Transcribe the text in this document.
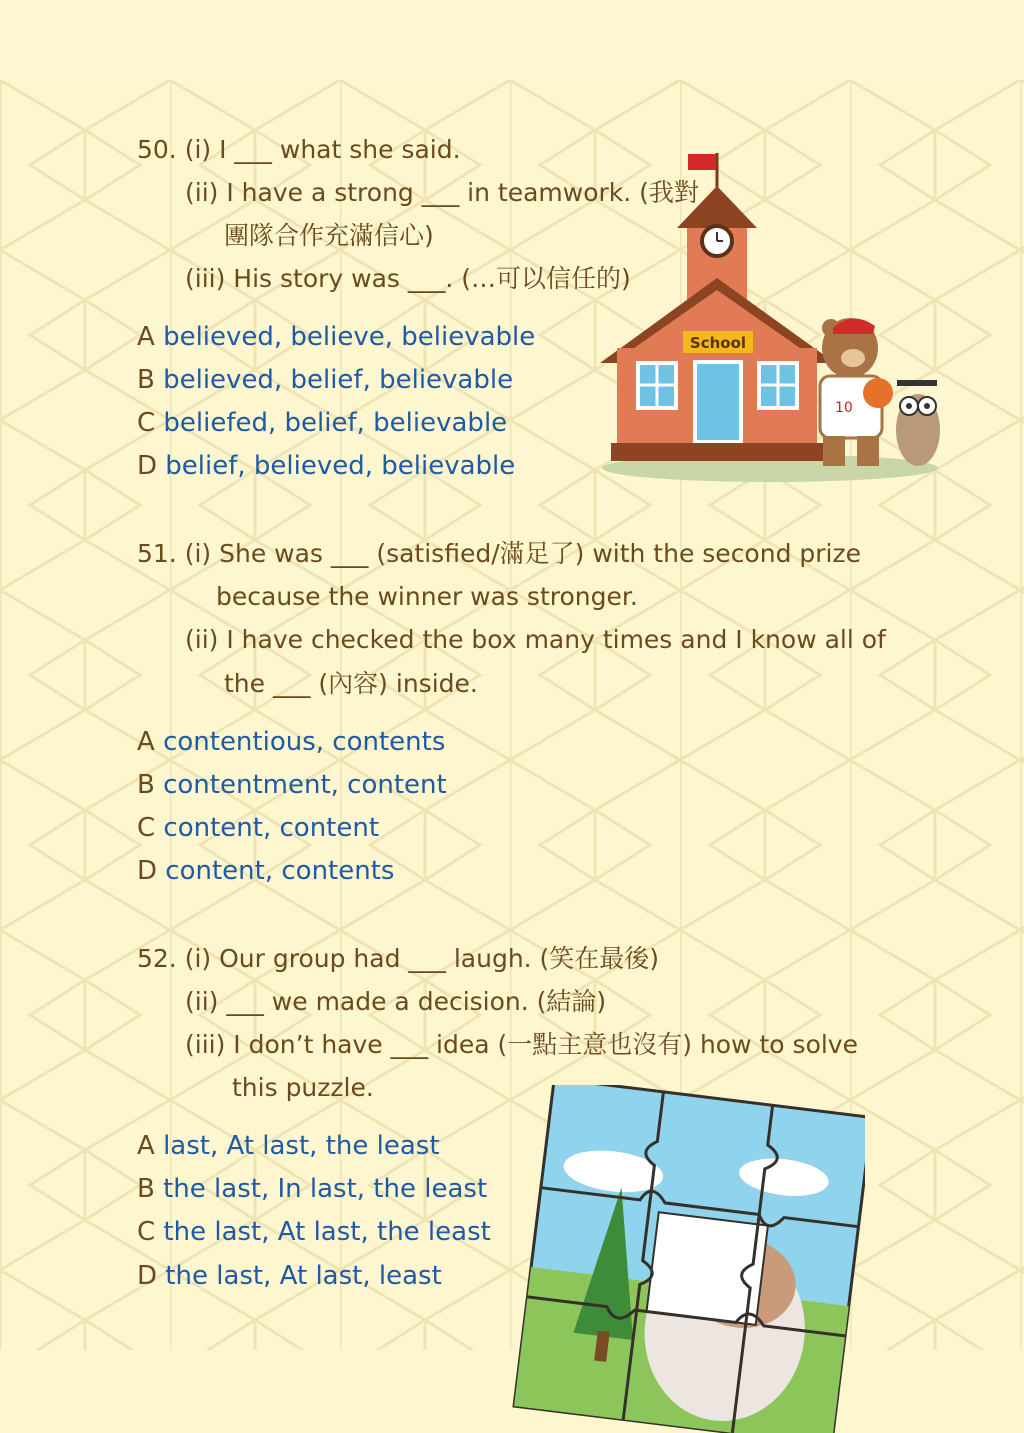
50. (i) I ___ what she said.
(ii) I have a strong ___ in teamwork. (我對
團隊合作充滿信心)
(iii) His story was ___. (…可以信任的)
A believed, believe, believable
B believed, belief, believable
C beliefed, belief, believable
D belief, believed, believable
School
10
51. (i) She was ___ (satisfied/滿足了) with the second prize
because the winner was stronger.
(ii) I have checked the box many times and I know all of
the ___ (內容) inside.
A contentious, contents
B contentment, content
C content, content
D content, contents
52. (i) Our group had ___ laugh. (笑在最後)
(ii) ___ we made a decision. (結論)
(iii) I don’t have ___ idea (一點主意也沒有) how to solve
this puzzle.
A last, At last, the least
B the last, In last, the least
C the last, At last, the least
D the last, At last, least
